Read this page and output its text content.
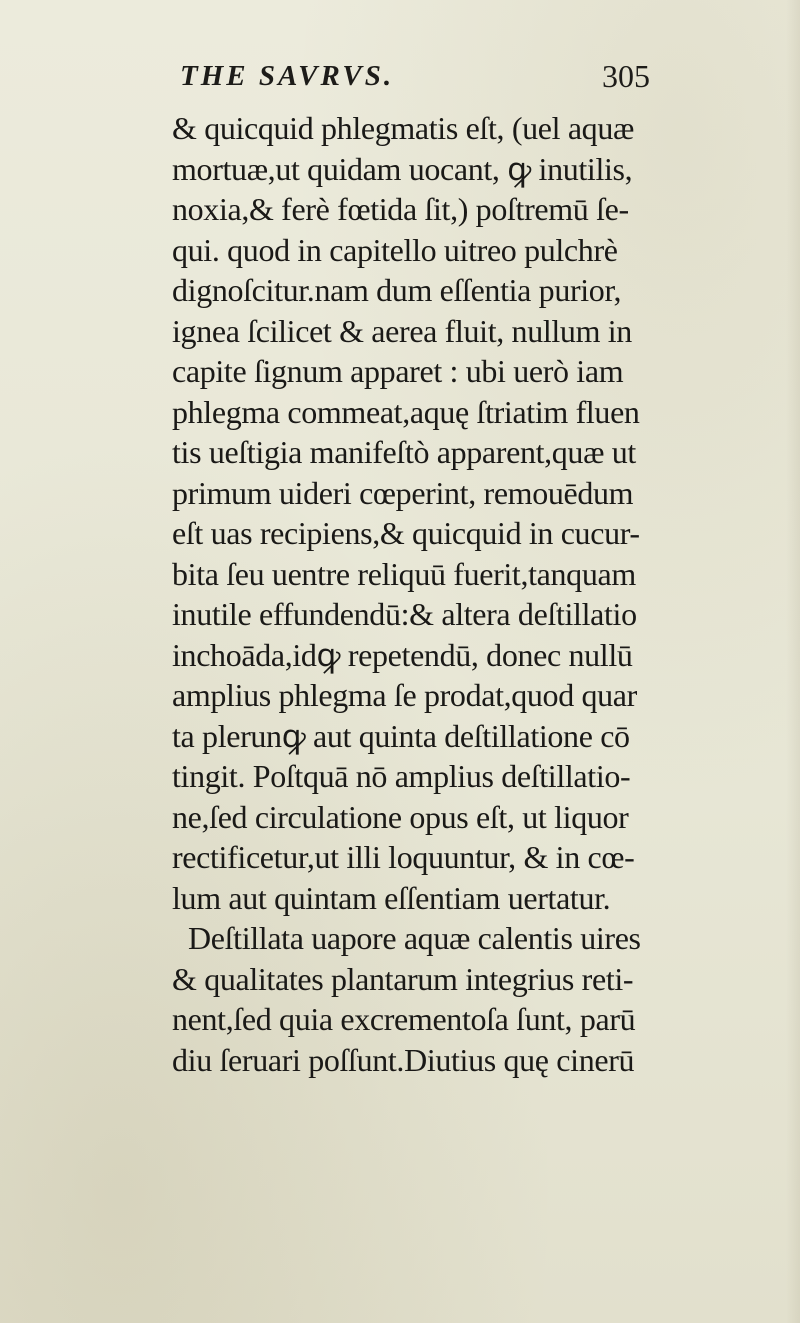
THE SAVRVS.	305
& quicquid phlegmatis eſt, (uel aquæ
mortuæ,ut quidam uocant, ꝙ inutilis,
noxia,& ferè fœtida ſit,) poſtremū ſe-
qui. quod in capitello uitreo pulchrè
dignoſcitur.nam dum eſſentia purior,
ignea ſcilicet & aerea fluit, nullum in
capite ſignum apparet : ubi uerò iam
phlegma commeat,aquę ſtriatim fluen
tis ueſtigia manifeſtò apparent,quæ ut
primum uideri cœperint, remouēdum
eſt uas recipiens,& quicquid in cucur-
bita ſeu uentre reliquū fuerit,tanquam
inutile effundendū:& altera deſtillatio
inchoāda,idꝙ repetendū, donec nullū
amplius phlegma ſe prodat,quod quar
ta plerunꝙ aut quinta deſtillatione cō
tingit. Poſtquā nō amplius deſtillatio-
ne,ſed circulatione opus eſt, ut liquor
rectificetur,ut illi loquuntur, & in cœ-
lum aut quintam eſſentiam uertatur.
Deſtillata uapore aquæ calentis uires
& qualitates plantarum integrius reti-
nent,ſed quia excrementoſa ſunt, parū
diu ſeruari poſſunt.Diutius quę cinerū
